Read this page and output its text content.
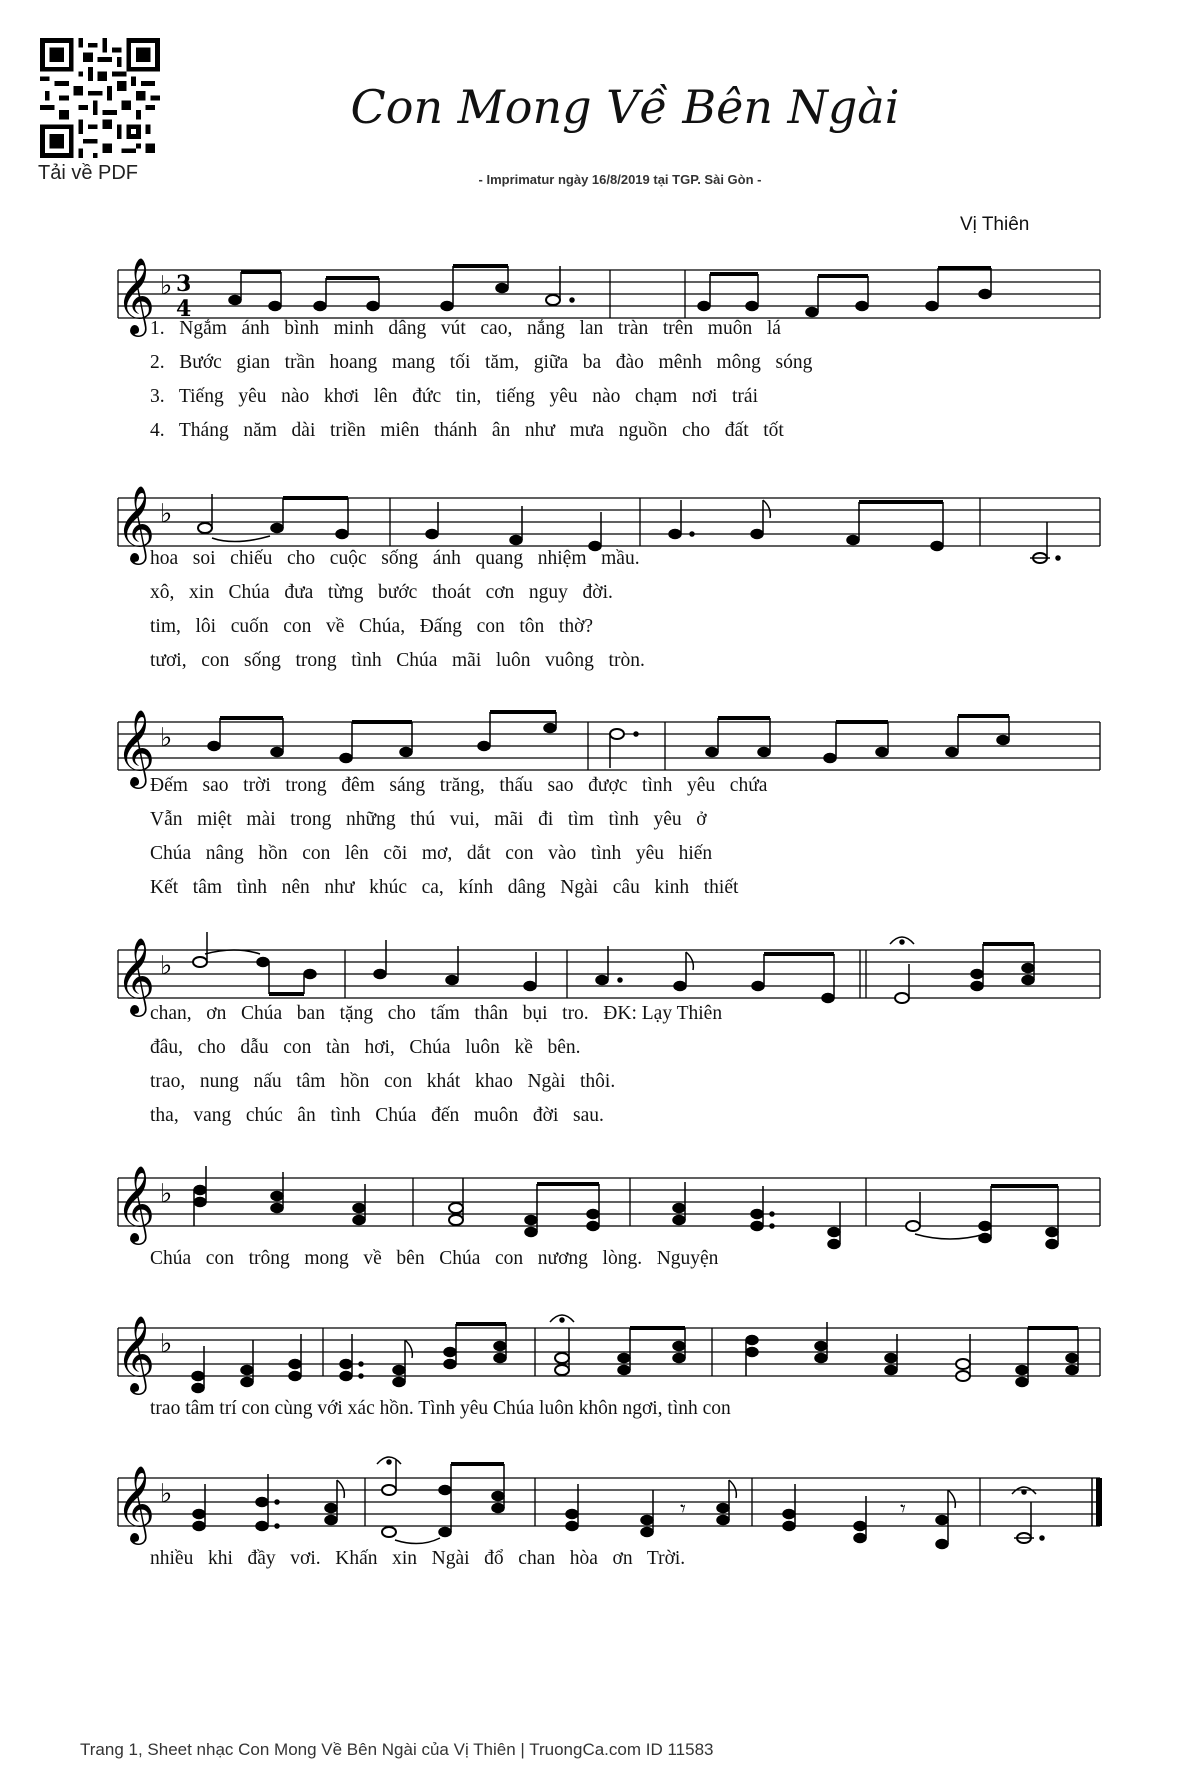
Tải về PDF
Con Mong Về Bên Ngài
- Imprimatur ngày 16/8/2019 tại TGP. Sài Gòn -
Vị Thiên
𝄞 ♭ 3
4
1.   Ngắm   ánh   bình   minh   dâng   vút   cao,   nắng   lan   tràn   trên   muôn   lá
2.   Bước   gian   trần   hoang   mang   tối   tăm,   giữa   ba   đào   mênh   mông   sóng
3.   Tiếng   yêu   nào   khơi   lên   đức   tin,   tiếng   yêu   nào   chạm   nơi   trái
4.   Tháng   năm   dài   triền   miên   thánh   ân   như   mưa   nguồn   cho   đất   tốt
𝄞 ♭
hoa   soi   chiếu   cho   cuộc   sống   ánh   quang   nhiệm   mầu.
xô,   xin   Chúa   đưa   từng   bước   thoát   cơn   nguy   đời.
tim,   lôi   cuốn   con   về   Chúa,   Đấng   con   tôn   thờ?
tươi,   con   sống   trong   tình   Chúa   mãi   luôn   vuông   tròn.
𝄞 ♭
Đếm   sao   trời   trong   đêm   sáng   trăng,   thấu   sao   được   tình   yêu   chứa
Vẫn   miệt   mài   trong   những   thú   vui,   mãi   đi   tìm   tình   yêu   ở
Chúa   nâng   hồn   con   lên   cõi   mơ,   dắt   con   vào   tình   yêu   hiến
Kết   tâm   tình   nên   như   khúc   ca,   kính   dâng   Ngài   câu   kinh   thiết
𝄞 ♭
chan,   ơn   Chúa   ban   tặng   cho   tấm   thân   bụi   tro.   ĐK: Lạy Thiên
đâu,   cho   dẫu   con   tàn   hơi,   Chúa   luôn   kề   bên.
trao,   nung   nấu   tâm   hồn   con   khát   khao   Ngài   thôi.
tha,   vang   chúc   ân   tình   Chúa   đến   muôn   đời   sau.
𝄞 ♭
Chúa   con   trông   mong   về   bên   Chúa   con   nương   lòng.   Nguyện
𝄞 ♭
trao tâm trí con cùng với xác hồn. Tình yêu Chúa luôn khôn ngơi, tình con
𝄞 ♭
𝄾	𝄾
nhiều   khi   đầy   vơi.   Khấn   xin   Ngài   đổ   chan   hòa   ơn   Trời.
Trang 1, Sheet nhạc Con Mong Về Bên Ngài của Vị Thiên | TruongCa.com ID 11583
